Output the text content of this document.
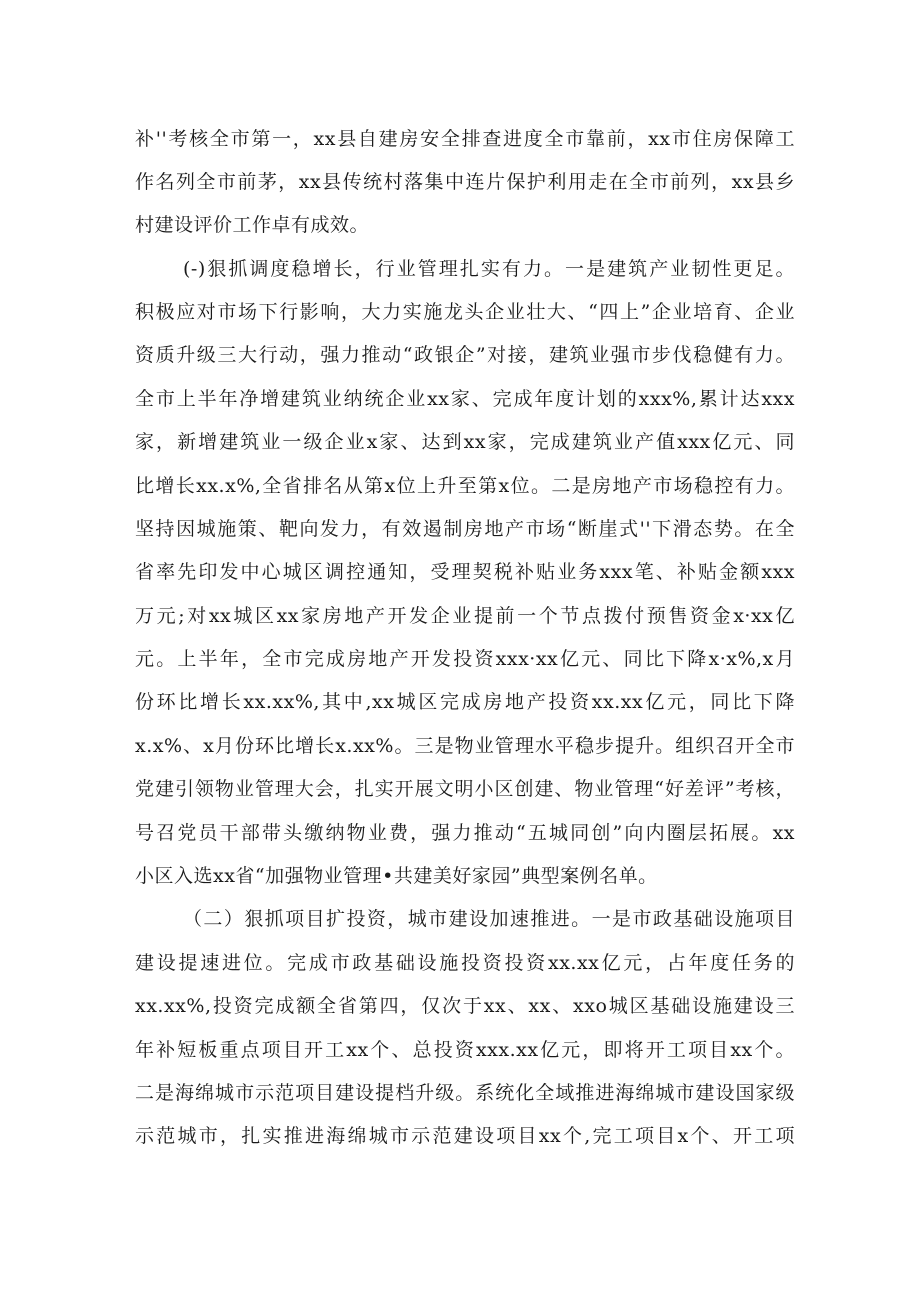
补''考核全市第一，xx县自建房安全排查进度全市靠前，xx市住房保障工
作名列全市前茅，xx县传统村落集中连片保护利用走在全市前列，xx县乡
村建设评价工作卓有成效。
(-)狠抓调度稳增长，行业管理扎实有力。一是建筑产业韧性更足。
积极应对市场下行影响，大力实施龙头企业壮大、“四上”企业培育、企业
资质升级三大行动，强力推动“政银企”对接，建筑业强市步伐稳健有力。
全市上半年净增建筑业纳统企业xx家、完成年度计划的xxx%,累计达xxx
家，新增建筑业一级企业x家、达到xx家，完成建筑业产值xxx亿元、同
比增长xx.x%,全省排名从第x位上升至第x位。二是房地产市场稳控有力。
坚持因城施策、靶向发力，有效遏制房地产市场“断崖式''下滑态势。在全
省率先印发中心城区调控通知，受理契税补贴业务xxx笔、补贴金额xxx
万元;对xx城区xx家房地产开发企业提前一个节点拨付预售资金x·xx亿
元。上半年，全市完成房地产开发投资xxx·xx亿元、同比下降x·x%,x月
份环比增长xx.xx%,其中,xx城区完成房地产投资xx.xx亿元，同比下降
x.x%、x月份环比增长x.xx%。三是物业管理水平稳步提升。组织召开全市
党建引领物业管理大会，扎实开展文明小区创建、物业管理“好差评”考核，
号召党员干部带头缴纳物业费，强力推动“五城同创”向内圈层拓展。xx
小区入选xx省“加强物业管理•共建美好家园”典型案例名单。
（二）狠抓项目扩投资，城市建设加速推进。一是市政基础设施项目
建设提速进位。完成市政基础设施投资投资xx.xx亿元，占年度任务的
xx.xx%,投资完成额全省第四，仅次于xx、xx、xxo城区基础设施建设三
年补短板重点项目开工xx个、总投资xxx.xx亿元，即将开工项目xx个。
二是海绵城市示范项目建设提档升级。系统化全域推进海绵城市建设国家级
示范城市，扎实推进海绵城市示范建设项目xx个,完工项目x个、开工项
